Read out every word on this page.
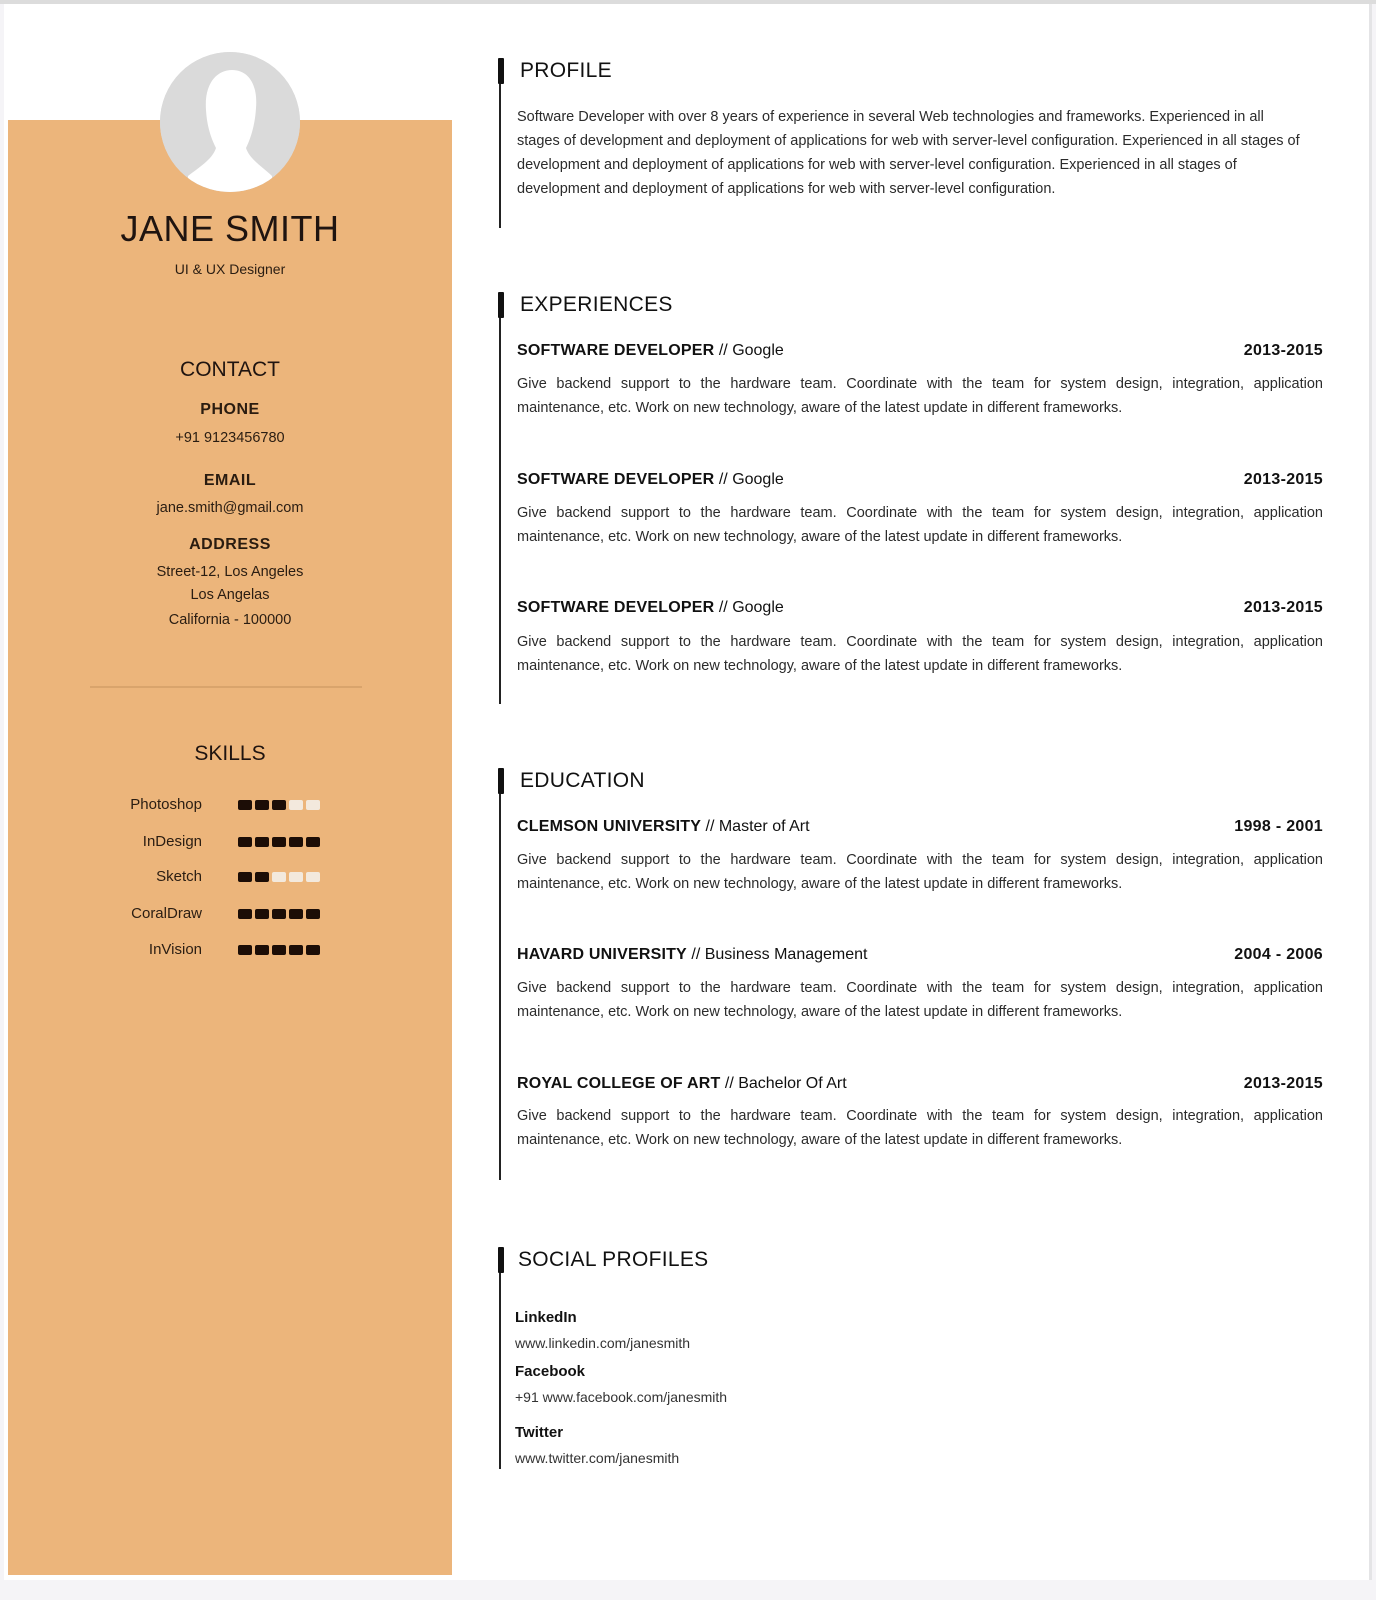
JANE SMITH
UI & UX Designer
CONTACT
PHONE
+91 9123456780
EMAIL
jane.smith@gmail.com
ADDRESS
Street-12, Los Angeles
Los Angelas
California - 100000
SKILLS
Photoshop
InDesign
Sketch
CoralDraw
InVision
PROFILE
Software Developer with over 8 years of experience in several Web technologies and frameworks. Experienced in all stages of development and deployment of applications for web with server-level configuration. Experienced in all stages of development and deployment of applications for web with server-level configuration. Experienced in all stages of development and deployment of applications for web with server-level configuration.
EXPERIENCES
SOFTWARE DEVELOPER // Google	2013-2015
Give backend support to the hardware team. Coordinate with the team for system design, integration, application maintenance, etc. Work on new technology, aware of the latest update in different frameworks.
SOFTWARE DEVELOPER // Google	2013-2015
Give backend support to the hardware team. Coordinate with the team for system design, integration, application maintenance, etc. Work on new technology, aware of the latest update in different frameworks.
SOFTWARE DEVELOPER // Google	2013-2015
Give backend support to the hardware team. Coordinate with the team for system design, integration, application maintenance, etc. Work on new technology, aware of the latest update in different frameworks.
EDUCATION
CLEMSON UNIVERSITY // Master of Art	1998 - 2001
Give backend support to the hardware team. Coordinate with the team for system design, integration, application maintenance, etc. Work on new technology, aware of the latest update in different frameworks.
HAVARD UNIVERSITY // Business Management	2004 - 2006
Give backend support to the hardware team. Coordinate with the team for system design, integration, application maintenance, etc. Work on new technology, aware of the latest update in different frameworks.
ROYAL COLLEGE OF ART // Bachelor Of Art	2013-2015
Give backend support to the hardware team. Coordinate with the team for system design, integration, application maintenance, etc. Work on new technology, aware of the latest update in different frameworks.
SOCIAL PROFILES
LinkedIn
www.linkedin.com/janesmith
Facebook
+91 www.facebook.com/janesmith
Twitter
www.twitter.com/janesmith
